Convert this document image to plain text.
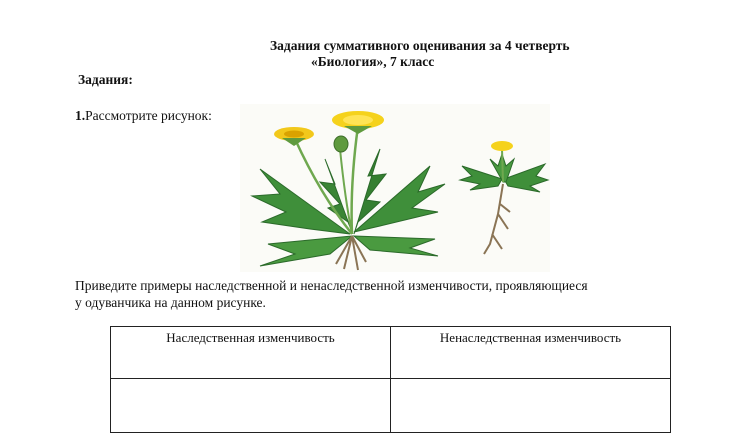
Задания суммативного оценивания за 4 четверть
«Биология», 7 класс
Задания:
1.Рассмотрите рисунок:
Приведите примеры наследственной и ненаследственной изменчивости, проявляющиеся
у одуванчика на данном рисунке.
Наследственная изменчивость	Ненаследственная изменчивость
